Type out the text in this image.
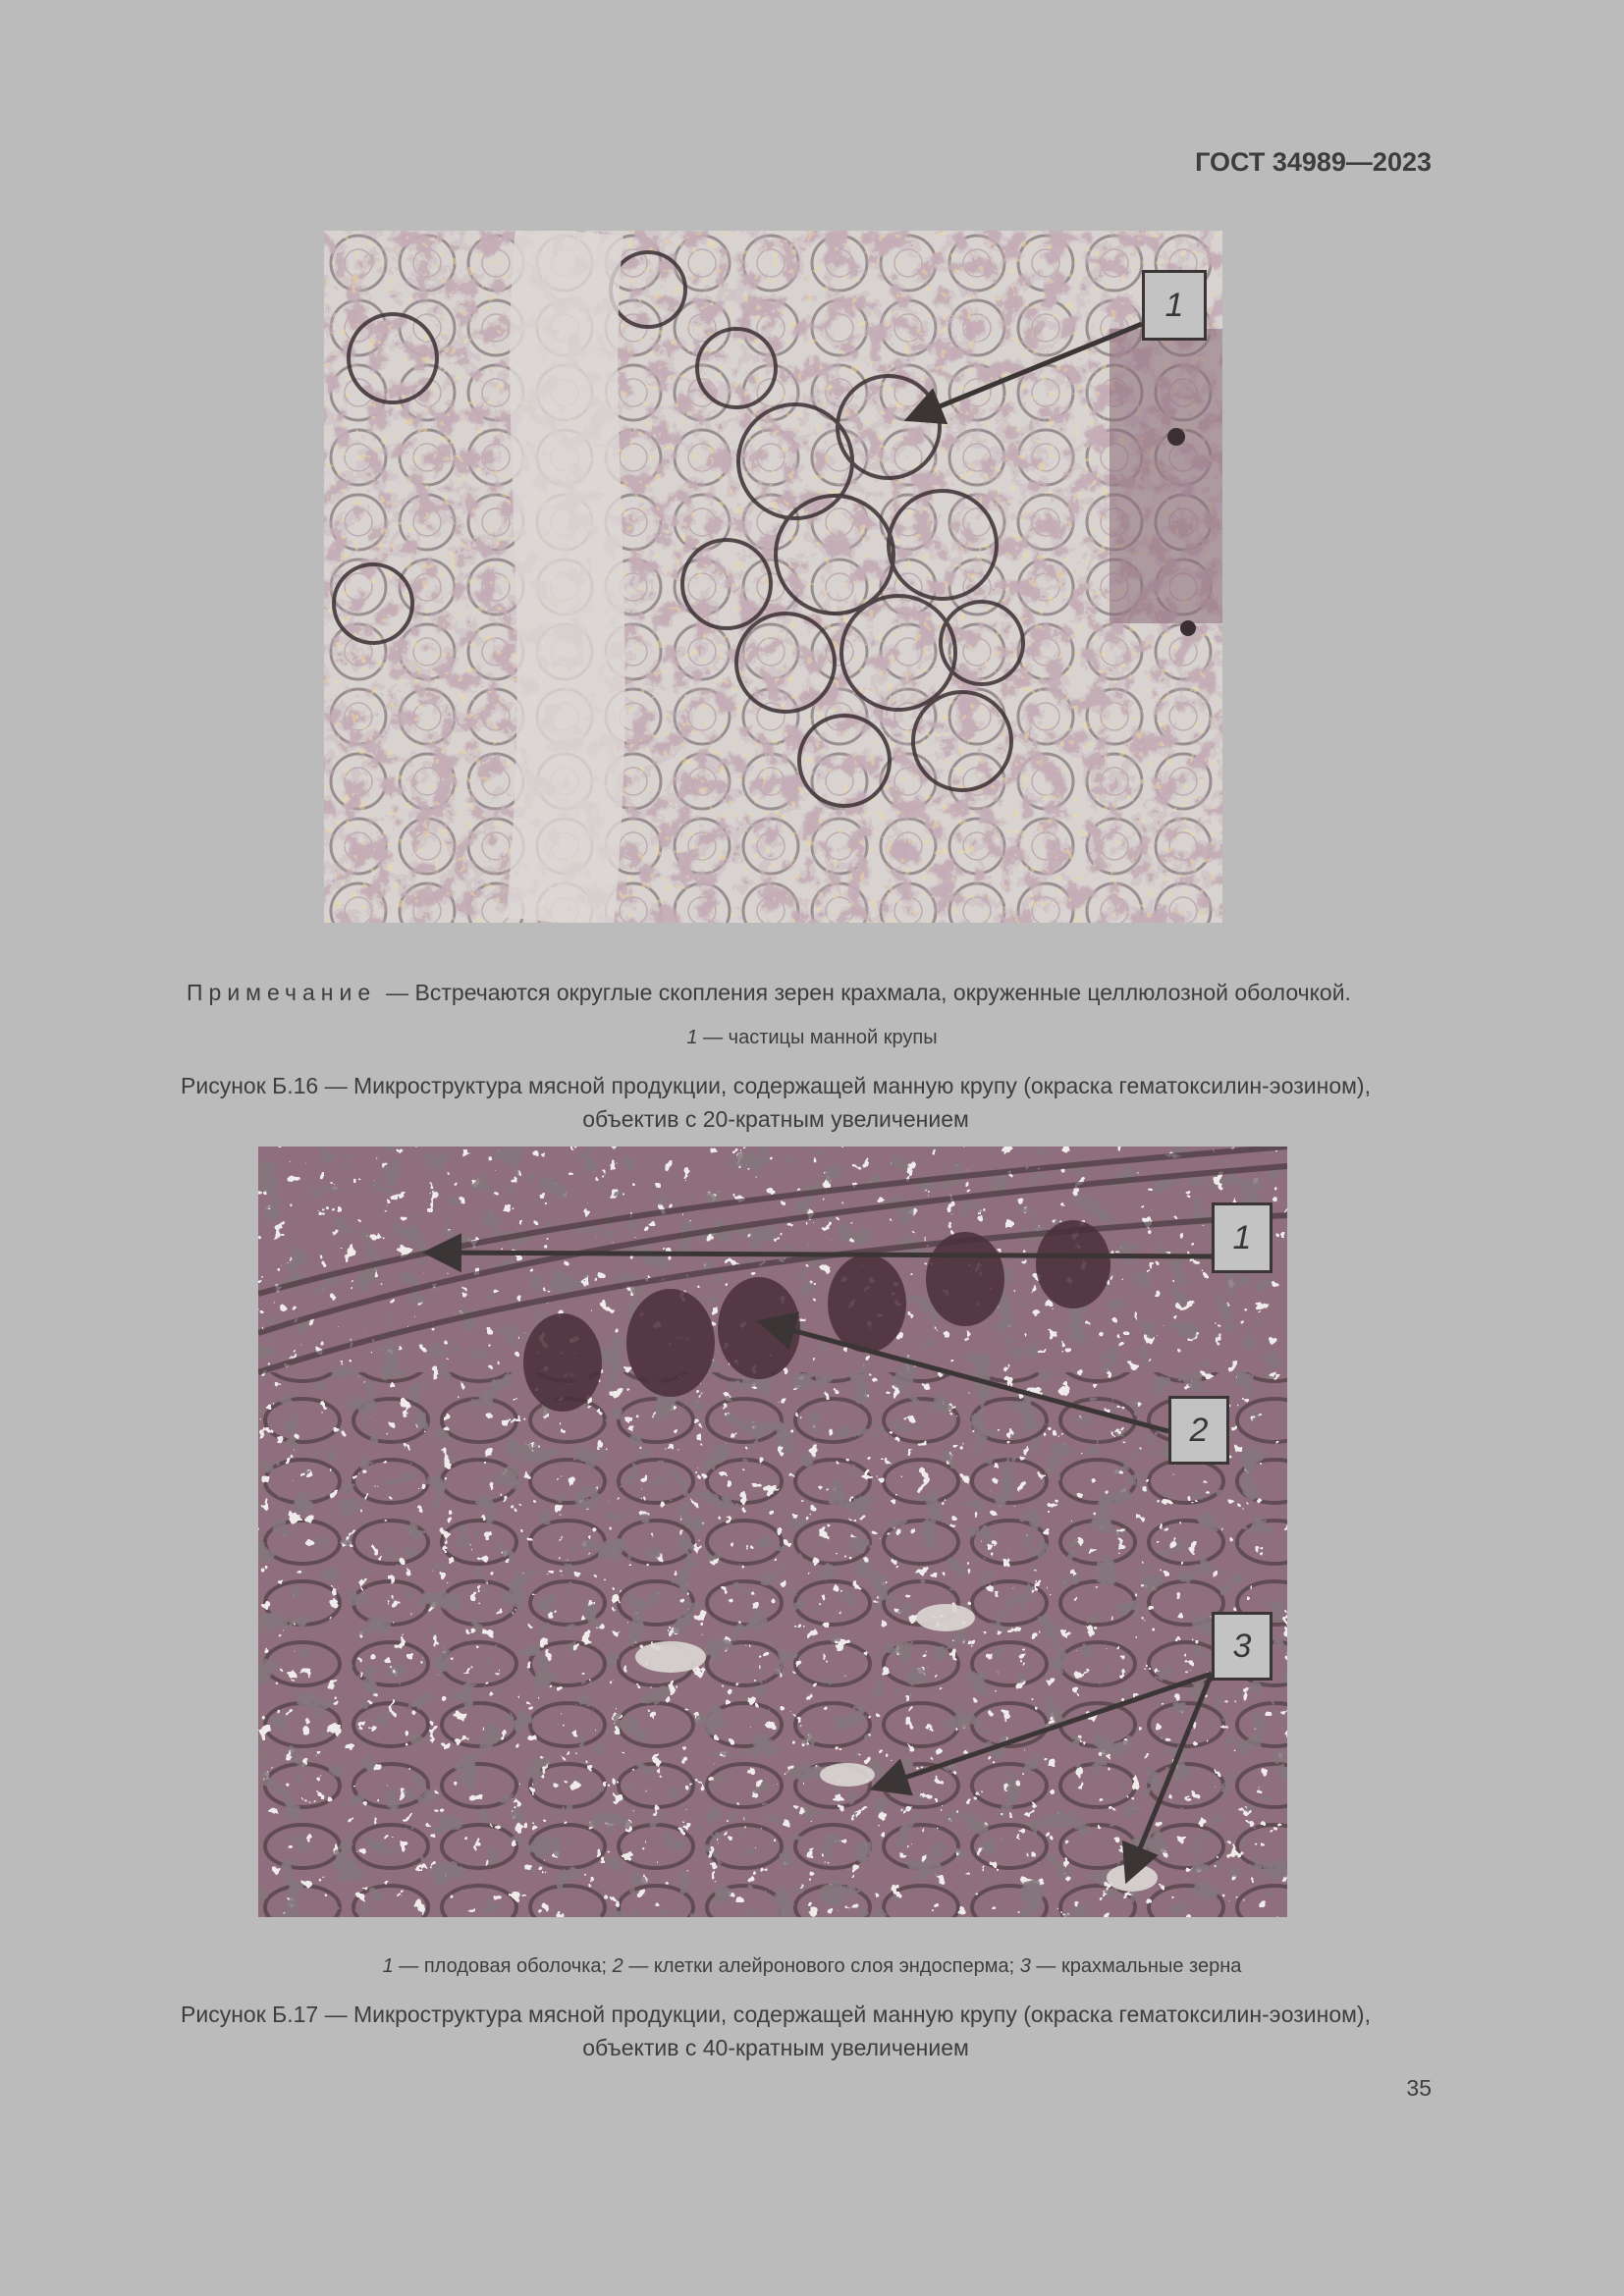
ГОСТ 34989—2023
1
1
2
3
Примечание — Встречаются округлые скопления зерен крахмала, окруженные целлюлозной оболочкой.
1 — частицы манной крупы
Рисунок Б.16 — Микроструктура мясной продукции, содержащей манную крупу (окраска гематоксилин-эозином),
объектив с 20-кратным увеличением
1 — плодовая оболочка; 2 — клетки алейронового слоя эндосперма; 3 — крахмальные зерна
Рисунок Б.17 — Микроструктура мясной продукции, содержащей манную крупу (окраска гематоксилин-эозином),
объектив с 40-кратным увеличением
35
